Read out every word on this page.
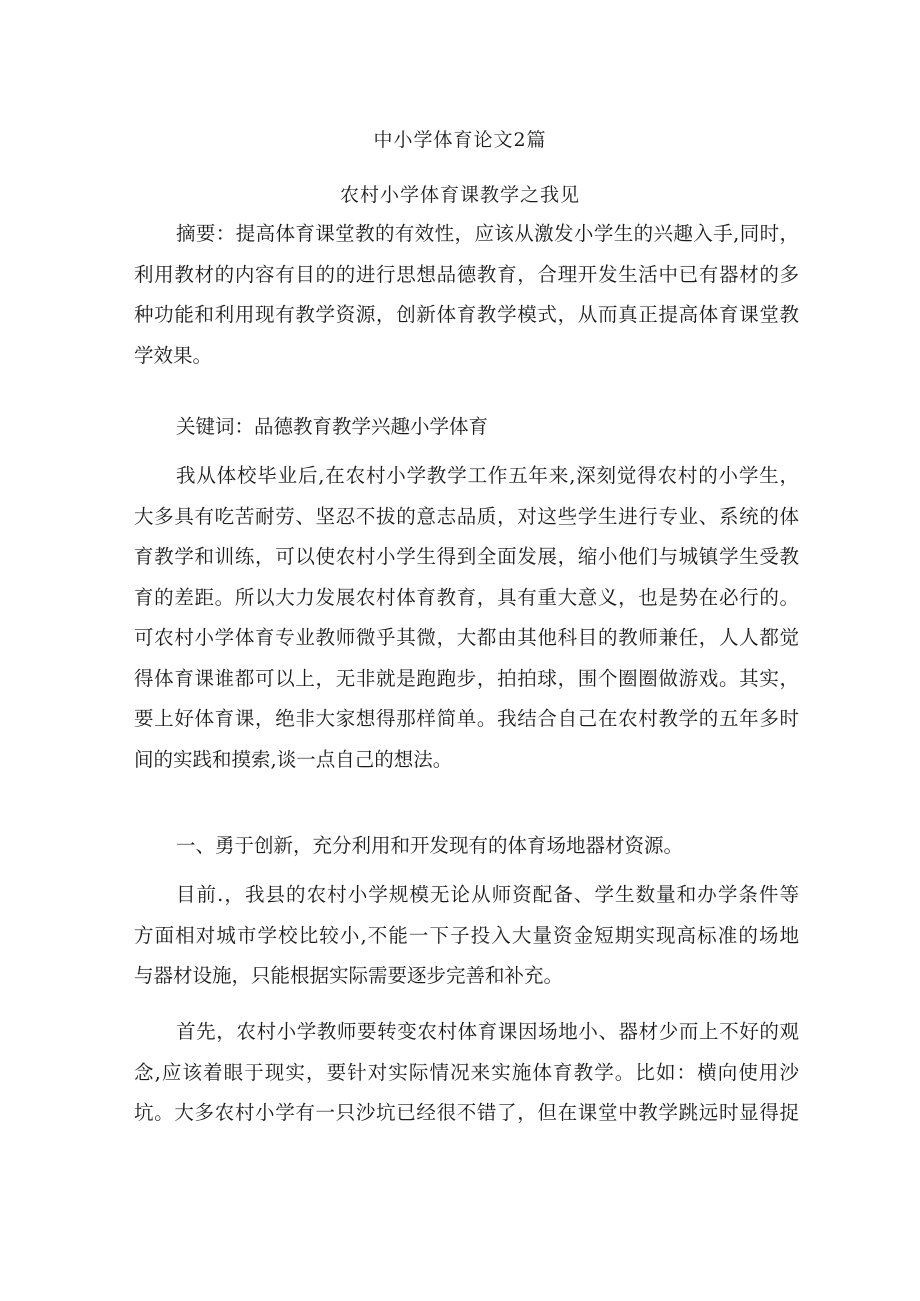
中小学体育论文2篇
农村小学体育课教学之我见
摘要：提高体育课堂教的有效性，应该从激发小学生的兴趣入手,同时，
利用教材的内容有目的的进行思想品德教育，合理开发生活中已有器材的多
种功能和利用现有教学资源，创新体育教学模式，从而真正提高体育课堂教
学效果。
关键词：品德教育教学兴趣小学体育
我从体校毕业后,在农村小学教学工作五年来,深刻觉得农村的小学生，
大多具有吃苦耐劳、坚忍不拔的意志品质，对这些学生进行专业、系统的体
育教学和训练，可以使农村小学生得到全面发展，缩小他们与城镇学生受教
育的差距。所以大力发展农村体育教育，具有重大意义，也是势在必行的。
可农村小学体育专业教师微乎其微，大都由其他科目的教师兼任，人人都觉
得体育课谁都可以上，无非就是跑跑步，拍拍球，围个圈圈做游戏。其实，
要上好体育课，绝非大家想得那样简单。我结合自己在农村教学的五年多时
间的实践和摸索,谈一点自己的想法。
一、勇于创新，充分利用和开发现有的体育场地器材资源。
目前.，我县的农村小学规模无论从师资配备、学生数量和办学条件等
方面相对城市学校比较小,不能一下子投入大量资金短期实现高标准的场地
与器材设施，只能根据实际需要逐步完善和补充。
首先，农村小学教师要转变农村体育课因场地小、器材少而上不好的观
念,应该着眼于现实，要针对实际情况来实施体育教学。比如：横向使用沙
坑。大多农村小学有一只沙坑已经很不错了，但在课堂中教学跳远时显得捉
